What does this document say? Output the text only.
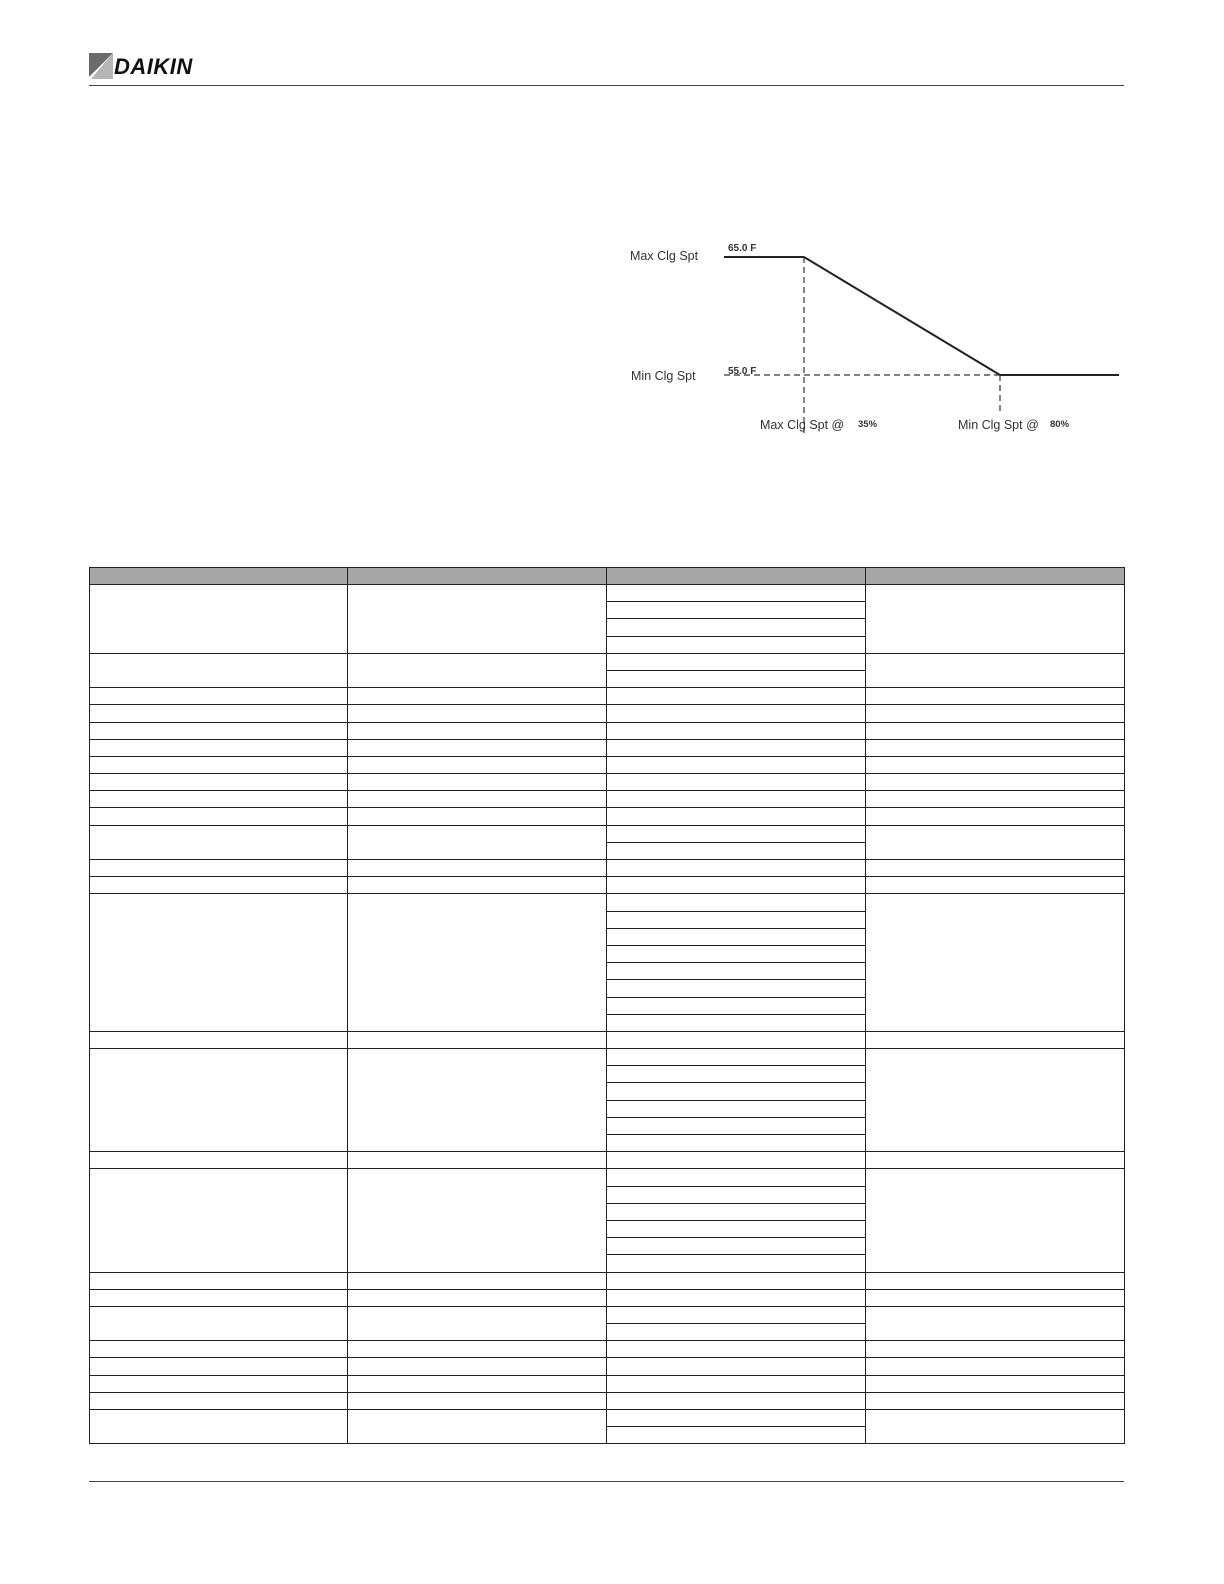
DAIKIN
Max Clg Spt
Min Clg Spt
65.0 F
55.0 F
Max Clg Spt @ 35%	Min Clg Spt @ 80%
